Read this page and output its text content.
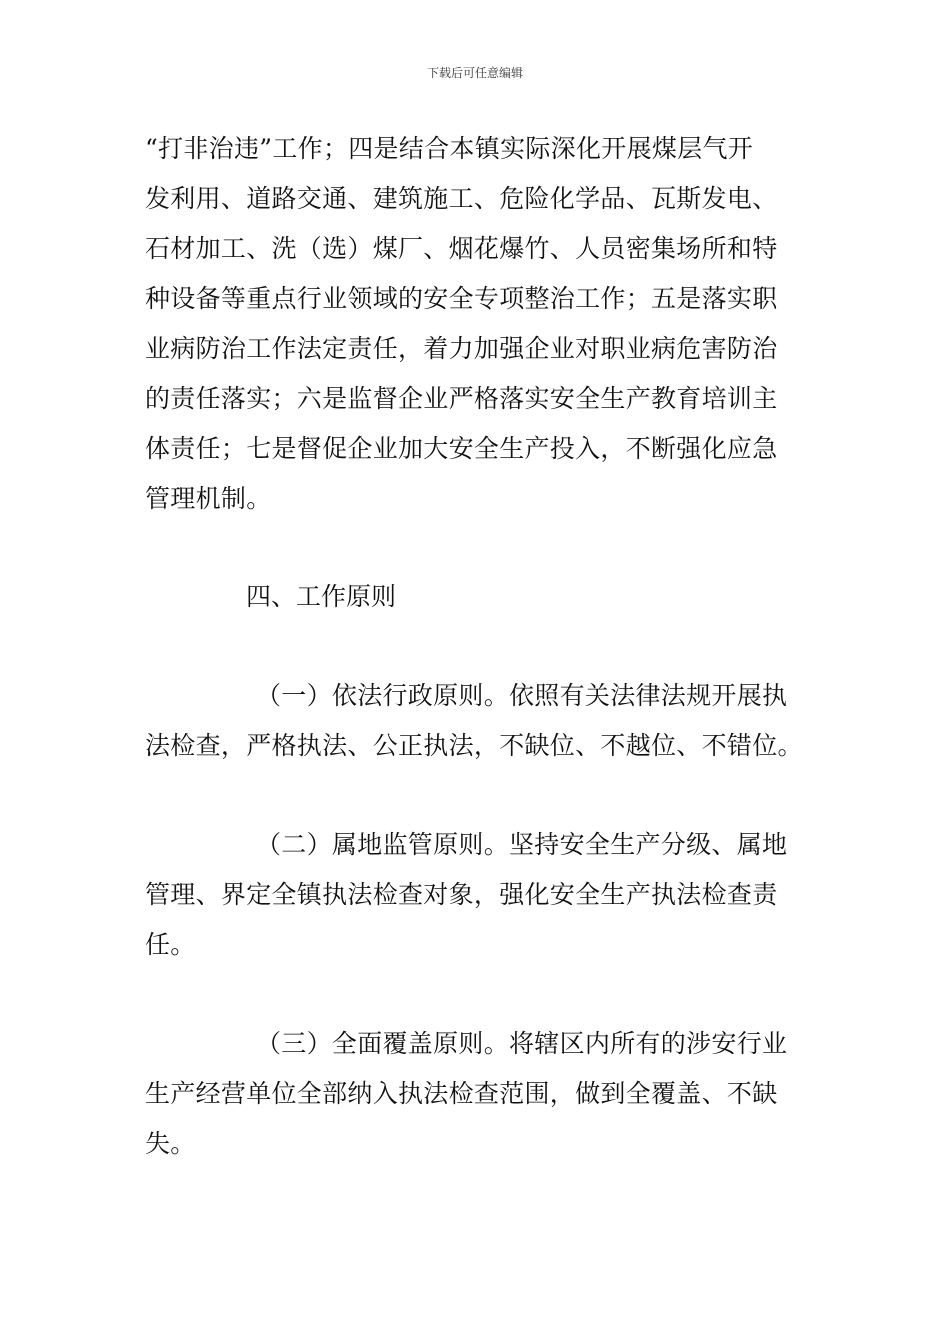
下载后可任意编辑
“打非治违”工作；四是结合本镇实际深化开展煤层气开
发利用、道路交通、建筑施工、危险化学品、瓦斯发电、
石材加工、洗（选）煤厂、烟花爆竹、人员密集场所和特
种设备等重点行业领域的安全专项整治工作；五是落实职
业病防治工作法定责任，着力加强企业对职业病危害防治
的责任落实；六是监督企业严格落实安全生产教育培训主
体责任；七是督促企业加大安全生产投入，不断强化应急
管理机制。
四、工作原则
（一）依法行政原则。依照有关法律法规开展执
法检查，严格执法、公正执法，不缺位、不越位、不错位。
（二）属地监管原则。坚持安全生产分级、属地
管理、界定全镇执法检查对象，强化安全生产执法检查责
任。
（三）全面覆盖原则。将辖区内所有的涉安行业
生产经营单位全部纳入执法检查范围，做到全覆盖、不缺
失。
